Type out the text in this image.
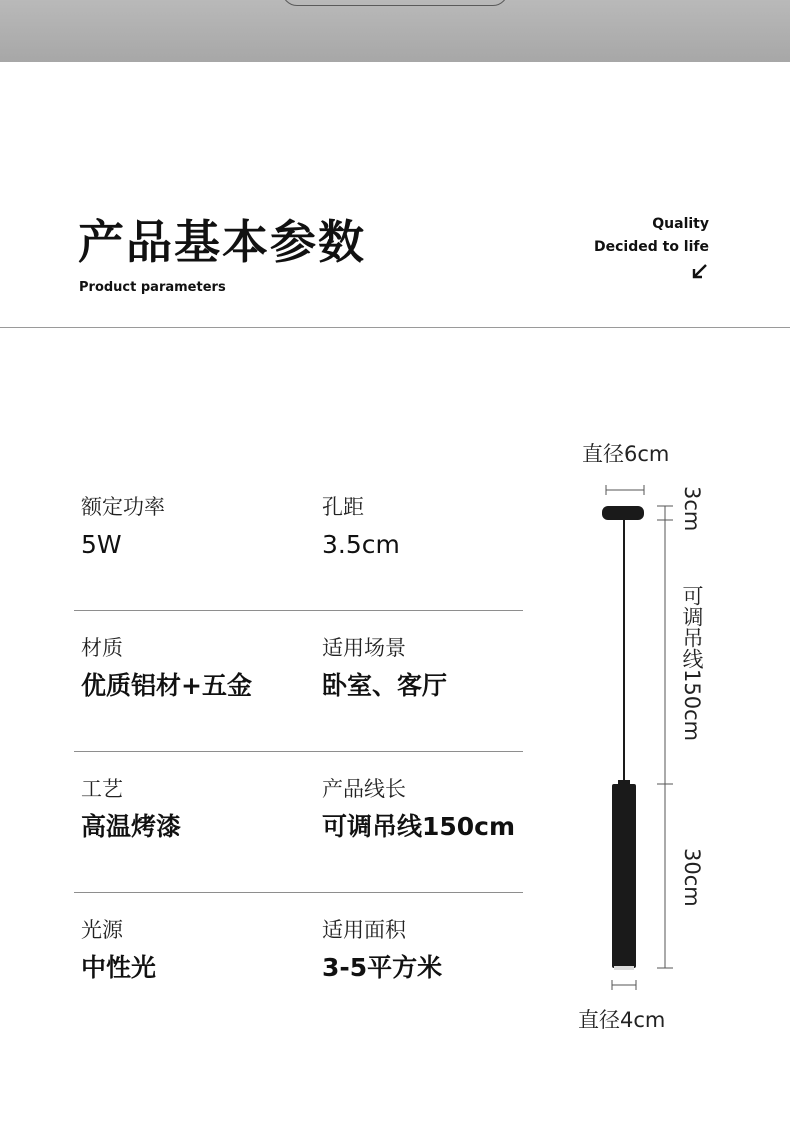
产品基本参数
Product parameters
Quality
Decided to life
额定功率
5W
孔距
3.5cm
材质
优质铝材+五金
适用场景
卧室、客厅
工艺
高温烤漆
产品线长
可调吊线150cm
光源
中性光
适用面积
3-5平方米
直径6cm
3cm
可调吊线150cm
30cm
直径4cm
